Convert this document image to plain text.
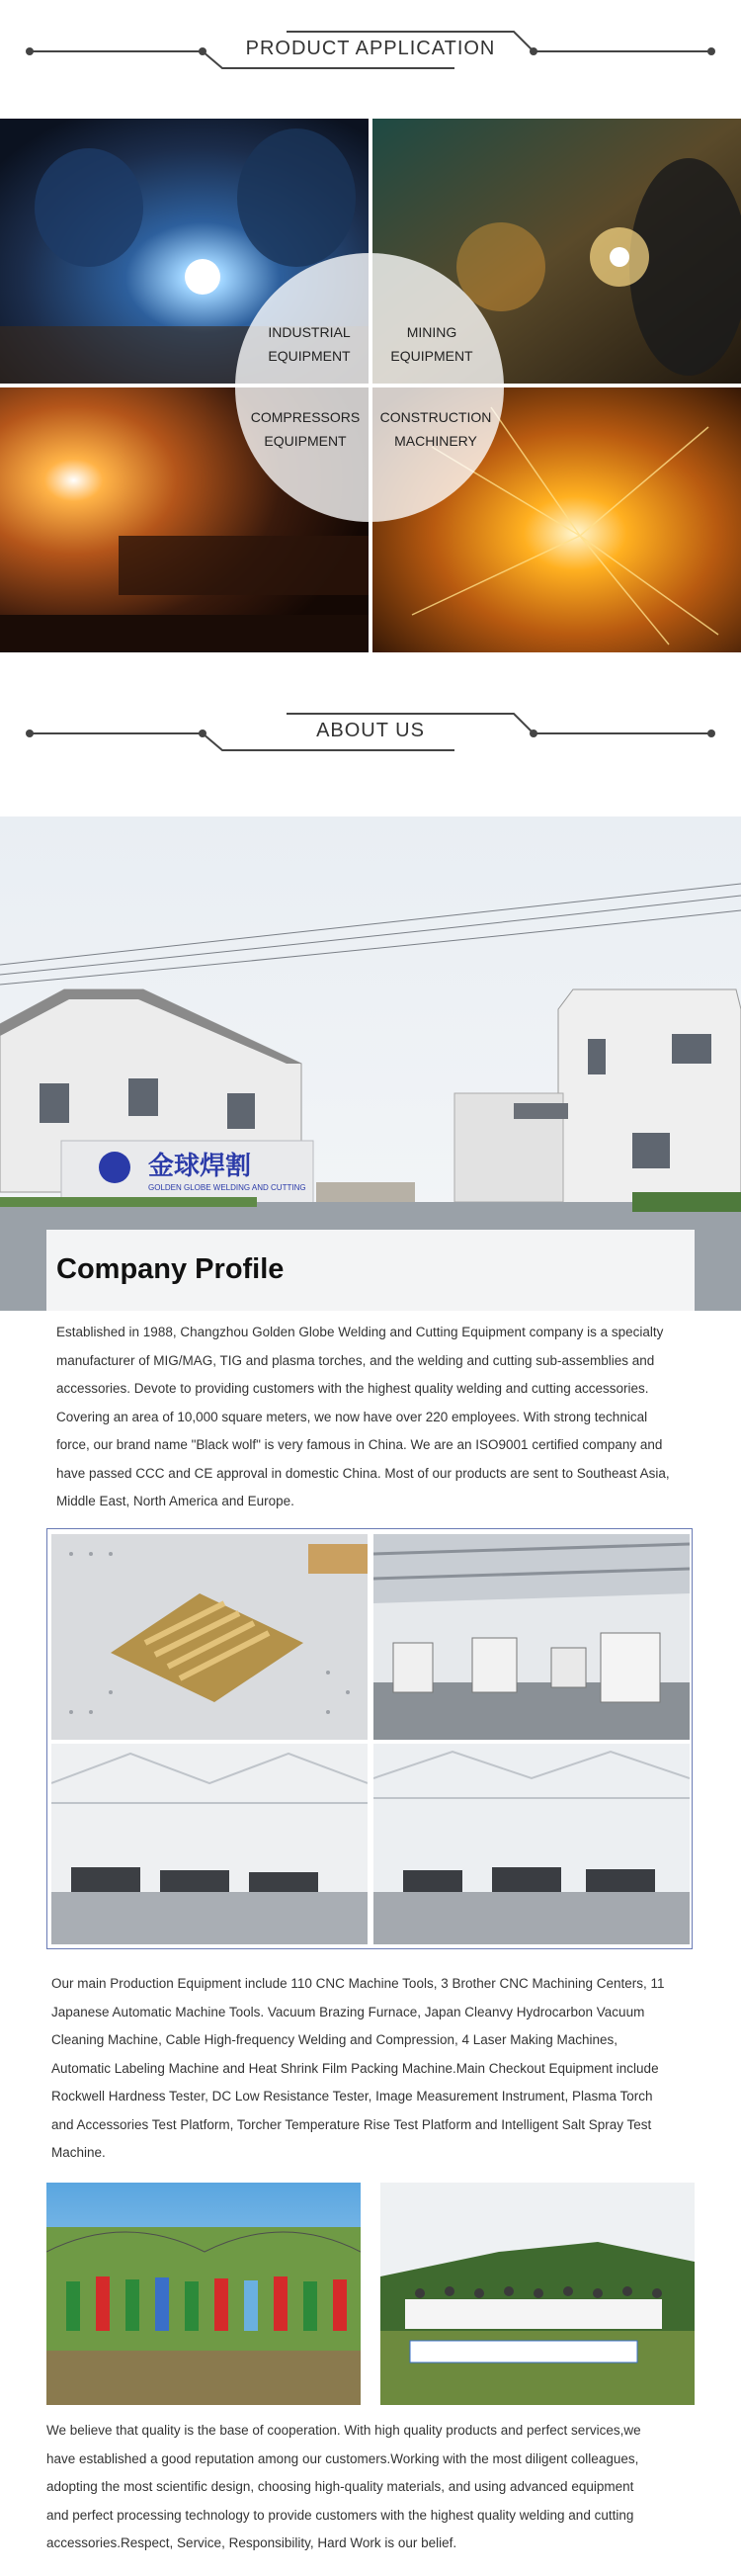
PRODUCT APPLICATION
INDUSTRIAL
EQUIPMENT
MINING
EQUIPMENT
COMPRESSORS
EQUIPMENT
CONSTRUCTION
MACHINERY
ABOUT US
金球焊割
GOLDEN GLOBE WELDING AND CUTTING
Company Profile
Established in 1988, Changzhou Golden Globe Welding and Cutting Equipment company is a specialty
manufacturer of MIG/MAG, TIG and plasma torches, and the welding and cutting sub-assemblies and
accessories. Devote to providing customers with the highest quality welding and cutting accessories.
Covering an area of 10,000 square meters, we now have over 220 employees. With strong technical
force, our brand name "Black wolf" is very famous in China. We are an ISO9001 certified company and
have passed CCC and CE approval in domestic China. Most of our products are sent to Southeast Asia,
Middle East, North America and Europe.
Our main Production Equipment include 110 CNC Machine Tools, 3 Brother CNC Machining Centers, 11
Japanese Automatic Machine Tools. Vacuum Brazing Furnace, Japan Cleanvy Hydrocarbon Vacuum
Cleaning Machine, Cable High-frequency Welding and Compression, 4 Laser Making Machines,
Automatic Labeling Machine and Heat Shrink Film Packing Machine.Main Checkout Equipment include
Rockwell Hardness Tester, DC Low Resistance Tester, Image Measurement Instrument, Plasma Torch
and Accessories Test Platform, Torcher Temperature Rise Test Platform and Intelligent Salt Spray Test
Machine.
We believe that quality is the base of cooperation. With high quality products and perfect services,we
have established a good reputation among our customers.Working with the most diligent colleagues,
adopting the most scientific design, choosing high-quality materials, and using advanced equipment
and perfect processing technology to provide customers with the highest quality welding and cutting
accessories.Respect, Service, Responsibility, Hard Work is our belief.
